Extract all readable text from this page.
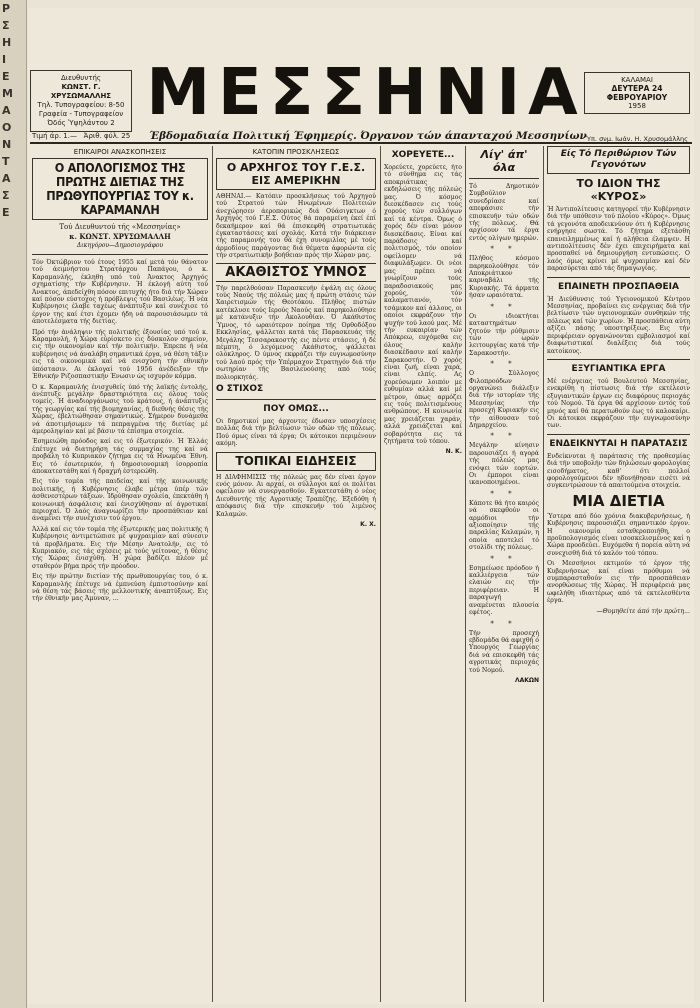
Ρ
Σ
Η
Ι
Ε
Μ
Α
Ο
Ν
Τ
Α
Σ
Ε
Διευθυντής
ΚΩΝΣΤ. Γ. ΧΡΥΣΩΜΑΛΛΗΣ
Τηλ. Τυπογραφείου: 8-50
Γραφεία - Τυπογραφείον
Όδός Ύψηλάντου 2 ΜΕΣΣΗΝΙΑ
Έβδομαδιαία Πολιτική Έφημερίς. Όργανον τών άπανταχού Μεσσηνίων
Τιμή άρ. 1.— Άριθ. φύλ. 25
ΚΑΛΑΜΑΙ
ΔΕΥΤΕΡΑ 24 ΦΕΒΡΟΥΑΡΙΟΥ
1958
Ύπ. σνμ. Ιωάν. Η. Χρυσομάλλης
ΕΠΙΚΑΙΡΟΙ ΑΝΑΣΚΟΠΗΣΕΙΣ
Ο ΑΠΟΛΟΓΙΣΜΟΣ ΤΗΣ ΠΡΩΤΗΣ ΔΙΕΤΙΑΣ ΤΗΣ ΠΡΩΘΥΠΟΥΡΓΙΑΣ ΤΟΥ κ. ΚΑΡΑΜΑΝΛΗ
Τού Διευθυντού τής «Μεσσηνίας»
κ. ΚΩΝΣΤ. ΧΡΥΣΩΜΑΛΛΗ
Δικηγόρου—Δημοσιογράφου

Τόν Όκτώβριον τού έτους 1955 καί μετά τόν θάνατον τού άειμνήστου Στρατάρχου Παπάγου, ό κ. Καραμανλής, έκληθη υπό τού Άνακτος Άρχηγός σχηματίσης τήν Κυβέρνησιν. Ή έκλογή αύτη τού Άνακτος, άπεδείχθη πόσον επιτυχής ήτο διά τήν Χώραν καί πόσον εύστοχος ή πρόβλεψις τού Βασιλέως. Ή νέα Κυβέρνησις έλαβε ταχέως άνάπτυξιν καί συνέχισε τό έργον της καί έτσι έχομεν ήδη νά παρουσιάσωμεν τά άποτελέσματα τής διετίας.

Πρό τήν άνάληψιν τής πολιτικής έξουσίας υπό τού κ. Καραμανλή, ή Χώρα εύρίσκετο εις δύσκολον σημείον, εις τήν οικονομίαν καί τήν πολιτικήν. Έπρεπε ή νέα κυβέρνησις νά άναλάβη σημαντικά έργα, νά θέση τάξιν εις τά οικονομικά καί νά ενισχύση τήν εθνικήν ύπόστασιν. Αι έκλογαί τού 1956 άνέδειξαν τήν Έθνικήν Ριζοσπαστικήν Ένωσιν ώς ισχυρόν κόμμα.

Ό κ. Καραμανλής ένισχυθείς ύπό τής λαϊκής έντολής, άνέπτυξε μεγάλην δραστηριότητα εις όλους τούς τομείς. Ή άναδιοργάνωσις τού κράτους, ή άνάπτυξις τής γεωργίας καί τής βιομηχανίας, ή διεθνής θέσις τής Χώρας, έβελτιώθησαν σημαντικώς. Σήμερον δυνάμεθα νά άποτιμήσωμεν τά πεπραγμένα τής διετίας μέ άμεροληψίαν καί μέ βάσιν τά έπίσημα στοιχεία.

Έσημειώθη πρόοδος καί εις τό έξωτερικόν. Ή Έλλάς έπέτυχε νά διατηρήση τάς συμμαχίας της καί νά προβάλη τό Κυπριακόν ζήτημα εις τά Ηνωμένα Έθνη. Εις τό έσωτερικόν, ή δημοσιονομική ίσορροπία άποκατεστάθη καί ή δραχμή έστερεώθη.

Εις τόν τομέα τής παιδείας καί τής κοινωνικής πολιτικής, ή Κυβέρνησις έλαβε μέτρα ύπέρ τών άσθενεστέρων τάξεων. Ίδρύθησαν σχολεία, έπεκτάθη ή κοινωνική άσφάλισις καί ένισχύθησαν αί άγροτικαί περιοχαί. Ό λαός άναγνωρίζει τήν προσπάθειαν καί άναμένει τήν συνέχισιν τού έργου.

Άλλά καί εις τόν τομέα τής έξωτερικής μας πολιτικής ή Κυβέρνησις άντιμετώπισε μέ ψυχραιμίαν καί σύνεσιν τά προβλήματα. Εις τήν Μέσην Ανατολήν, εις τό Κυπριακόν, εις τάς σχέσεις μέ τούς γείτονας, ή θέσις τής Χώρας ένισχύθη. Ή χώρα βαδίζει πλέον μέ σταθερόν βήμα πρός τήν πρόοδον.

Εις τήν πρώτην διετίαν τής πρωθυπουργίας του, ό κ. Καραμανλής έπέτυχε νά έμπνεύση έμπιστοσύνην καί νά θέση τάς βάσεις τής μελλοντικής άναπτύξεως. Εις τήν έθνικήν μας Άμυναν, ...

ΚΑΤΟΠΙΝ ΠΡΟΣΚΛΗΣΕΩΣ
Ο ΑΡΧΗΓΟΣ ΤΟΥ Γ.Ε.Σ. ΕΙΣ ΑΜΕΡΙΚΗΝ

ΑΘΗΝΑΙ.— Κατόπιν προσκλήσεως τού Άρχηγού τού Στρατού τών Ηνωμένων Πολιτειών άνεχώρησεν άεροπορικώς διά Ούάσιγκτων ό Άρχηγός τού Γ.Ε.Σ. Ούτος θά παραμείνη έκεί έπί δεκαήμερον καί θά έπισκεφθή στρατιωτικάς έγκαταστάσεις καί σχολάς. Κατά τήν διάρκειαν τής παραμονής του θά έχη συνομιλίας μέ τούς άρμοδίους παράγοντας διά θέματα άφορώντα είς τήν στρατιωτικήν βοήθειαν πρός τήν Χώραν μας.

ΑΚΑΘΙΣΤΟΣ ΥΜΝΟΣ

Τήν παρελθούσαν Παρασκευήν έψάλη εις όλους τούς Ναούς τής πόλεώς μας ή πρώτη στάσις τών Χαιρετισμών τής Θεοτόκου. Πλήθος πιστών κατέκλυσε τούς Ιερούς Ναούς καί παρηκολούθησε μέ κατάνυξιν τήν Ακολουθίαν. Ό Ακάθιστος Ύμνος, τό ωραιότερον ποίημα τής Ορθοδόξου Εκκλησίας, ψάλλεται κατά τάς Παρασκευάς τής Μεγάλης Τεσσαρακοστής εις πέντε στάσεις, ή δέ πέμπτη, ό λεγόμενος Ακάθιστος, ψάλλεται ολόκληρος. Ό ύμνος εκφράζει τήν ευγνωμοσύνην τού λαού πρός τήν Υπέρμαχον Στρατηγόν διά τήν σωτηρίαν τής Βασιλευούσης από τούς πολιορκητάς.

Ο ΣΤΙΧΟΣ
ΠΟΥ ΟΜΩΣ...

Οι δημοτικοί μας άρχοντες έδωσαν υποσχέσεις πολλάς διά τήν βελτίωσιν τών οδών τής πόλεως. Πού όμως είναι τά έργα; Οι κάτοικοι περιμένουν ακόμη.

ΤΟΠΙΚΑΙ ΕΙΔΗΣΕΙΣ

Η ΔΙΑΦΗΜΙΣΙΣ τής πόλεώς μας δέν είναι έργον ενός μόνον. Αι αρχαί, οι σύλλογοι καί οι πολίται οφείλουν νά συνεργασθούν. Εγκατεστάθη ό νέος Διευθυντής τής Αγροτικής Τραπέζης. Έξεδόθη ή απόφασις διά τήν επισκευήν τού λιμένος Καλαμών.

Κ. Χ.
ΧΟΡΕΥΕΤΕ...

Χορεύετε, χορεύετε, ήτο τό σύνθημα εις τάς αποκριάτικας εκδηλώσεις τής πόλεώς μας. Ό κόσμος διεσκέδασεν εις τούς χορούς τών συλλόγων καί τά κέντρα. Όμως ό χορός δέν είναι μόνον διασκέδασις. Είναι καί παράδοσις καί πολιτισμός, τόν οποίον οφείλομεν νά διαφυλάξωμεν. Οι νέοι μας πρέπει νά γνωρίζουν τούς παραδοσιακούς μας χορούς, τόν καλαματιανόν, τόν τσάμικον καί άλλους, οι οποίοι εκφράζουν τήν ψυχήν τού λαού μας. Μέ τήν ευκαιρίαν τών Απόκρεω, ευχόμεθα εις όλους καλήν διασκέδασιν καί καλήν Σαρακοστήν. Ό χορός είναι ζωή, είναι χαρά, είναι ελπίς. Ας χορεύσωμεν λοιπόν με ευθυμίαν αλλά καί μέ μέτρον, όπως αρμόζει εις τούς πολιτισμένους ανθρώπους. Η κοινωνία μας χρειάζεται χαράν, αλλά χρειάζεται καί σοβαρότητα εις τά ζητήματα τού τόπου.

Ν. Κ.
Λίγ' άπ' όλα

Τό Δημοτικόν Συμβούλιον συνεδρίασε καί απεφάσισε τήν επισκευήν τών οδών τής πόλεως. Θά αρχίσουν τά έργα εντός ολίγων ημερών.

* *

Πλήθος κόσμου παρηκολούθησε τόν Αποκριάτικον καρναβάλι τής Κυριακής. Τά άρματα ήσαν ωραιότατα.

* *

Οι ιδιοκτήται καταστημάτων ζητούν τήν ρύθμισιν τών ωρών λειτουργίας κατά τήν Σαρακοστήν.

* *

Ο Σύλλογος Φιλοπροόδων οργανώνει διάλεξιν διά τήν ιστορίαν τής Μεσσηνίας τήν προσεχή Κυριακήν εις τήν αίθουσαν τού Δημαρχείου.

* *

Μεγάλην κίνησιν παρουσιάζει ή αγορά τής πόλεώς μας ενόψει τών εορτών. Οι έμποροι είναι ικανοποιημένοι.

* *

Κάποτε θά ήτο καιρός νά σκεφθούν οι αρμόδιοι τήν αξιοποίησιν τής παραλίας Καλαμών, η οποία αποτελεί τό στολίδι τής πόλεως.

* *

Εσημείωσε πρόοδον ή καλλιέργεια τών ελαιών εις τήν περιφέρειαν. Η παραγωγή αναμένεται πλουσία εφέτος.

* *

Τήν προσεχή εβδομάδα θά αφιχθή ό Υπουργός Γεωργίας διά νά επισκεφθή τάς αγροτικάς περιοχάς τού Νομού.

ΛΑΚΩΝ
Είς Τό Περιθώριον Τών Γεγονότων
ΤΟ ΙΔΙΟΝ ΤΗΣ «ΚΥΡΟΣ»

Ή Άντιπολίτευσις κατηγορεί τήν Κυβέρνησιν διά τήν υπόθεσιν τού πλοίου «Κύρος». Όμως τά γεγονότα αποδεικνύουν ότι ή Κυβέρνησις ενήργησε σωστά. Τό ζήτημα εξετάσθη επανειλημμένως καί ή αλήθεια έλαμψεν. Η αντιπολίτευσις δέν έχει επιχειρήματα καί προσπαθεί νά δημιουργήση εντυπώσεις. Ο λαός όμως κρίνει μέ ψυχραιμίαν καί δέν παρασύρεται από τάς δημαγωγίας.

ΕΠΑΙΝΕΤΗ ΠΡΟΣΠΑΘΕΙΑ

Ή Διεύθυνσις τού Υγειονομικού Κέντρου Μεσσηνίας, προβαίνει εις ενέργειας διά τήν βελτίωσιν τών υγειονομικών συνθηκών τής πόλεως καί τών χωρίων. Ή προσπάθεια αύτη αξίζει πάσης υποστηρίξεως. Εις τήν περιφέρειαν οργανώνονται εμβολιασμοί καί διαφωτιστικαί διαλέξεις διά τούς κατοίκους.

ΕΞΥΓΙΑΝΤΙΚΑ ΕΡΓΑ

Μέ ενέργειας τού Βουλευτού Μεσσηνίας, ενεκρίθη η πίστωσις διά τήν εκτέλεσιν εξυγιαντικών έργων εις διαφόρους περιοχάς τού Νομού. Τά έργα θά αρχίσουν εντός τού μηνός καί θά περατωθούν έως τό καλοκαίρι. Οι κάτοικοι εκφράζουν τήν ευγνωμοσύνην των.

ΕΝΔΕΙΚΝΥΤΑΙ Η ΠΑΡΑΤΑΣΙΣ

Ενδείκνυται ή παράτασις τής προθεσμίας διά τήν υποβολήν τών δηλώσεων φορολογίας εισοδήματος, καθ' ότι πολλοί φορολογούμενοι δέν ηδυνήθησαν εισέτι νά συγκεντρώσουν τά απαιτούμενα στοιχεία.

ΜΙΑ ΔΙΕΤΙΑ

Ύστερα από δύο χρόνια διακυβερνήσεως, ή Κυβέρνησις παρουσιάζει σημαντικόν έργον. Η οικονομία εσταθεροποιήθη, ο προϋπολογισμός είναι ισοσκελισμένος καί η Χώρα προοδεύει. Ευχόμεθα ή πορεία αύτη νά συνεχισθή διά τό καλόν τού τόπου.

Οι Μεσσήνιοι εκτιμούν τό έργον τής Κυβερνήσεως καί είναι πρόθυμοι νά συμπαρασταθούν εις τήν προσπάθειαν ανορθώσεως τής Χώρας. Ή περιφέρειά μας ωφελήθη ιδιαιτέρως από τά εκτελεσθέντα έργα.

—Θυμηθείτε άπό τήν πρώτη...
